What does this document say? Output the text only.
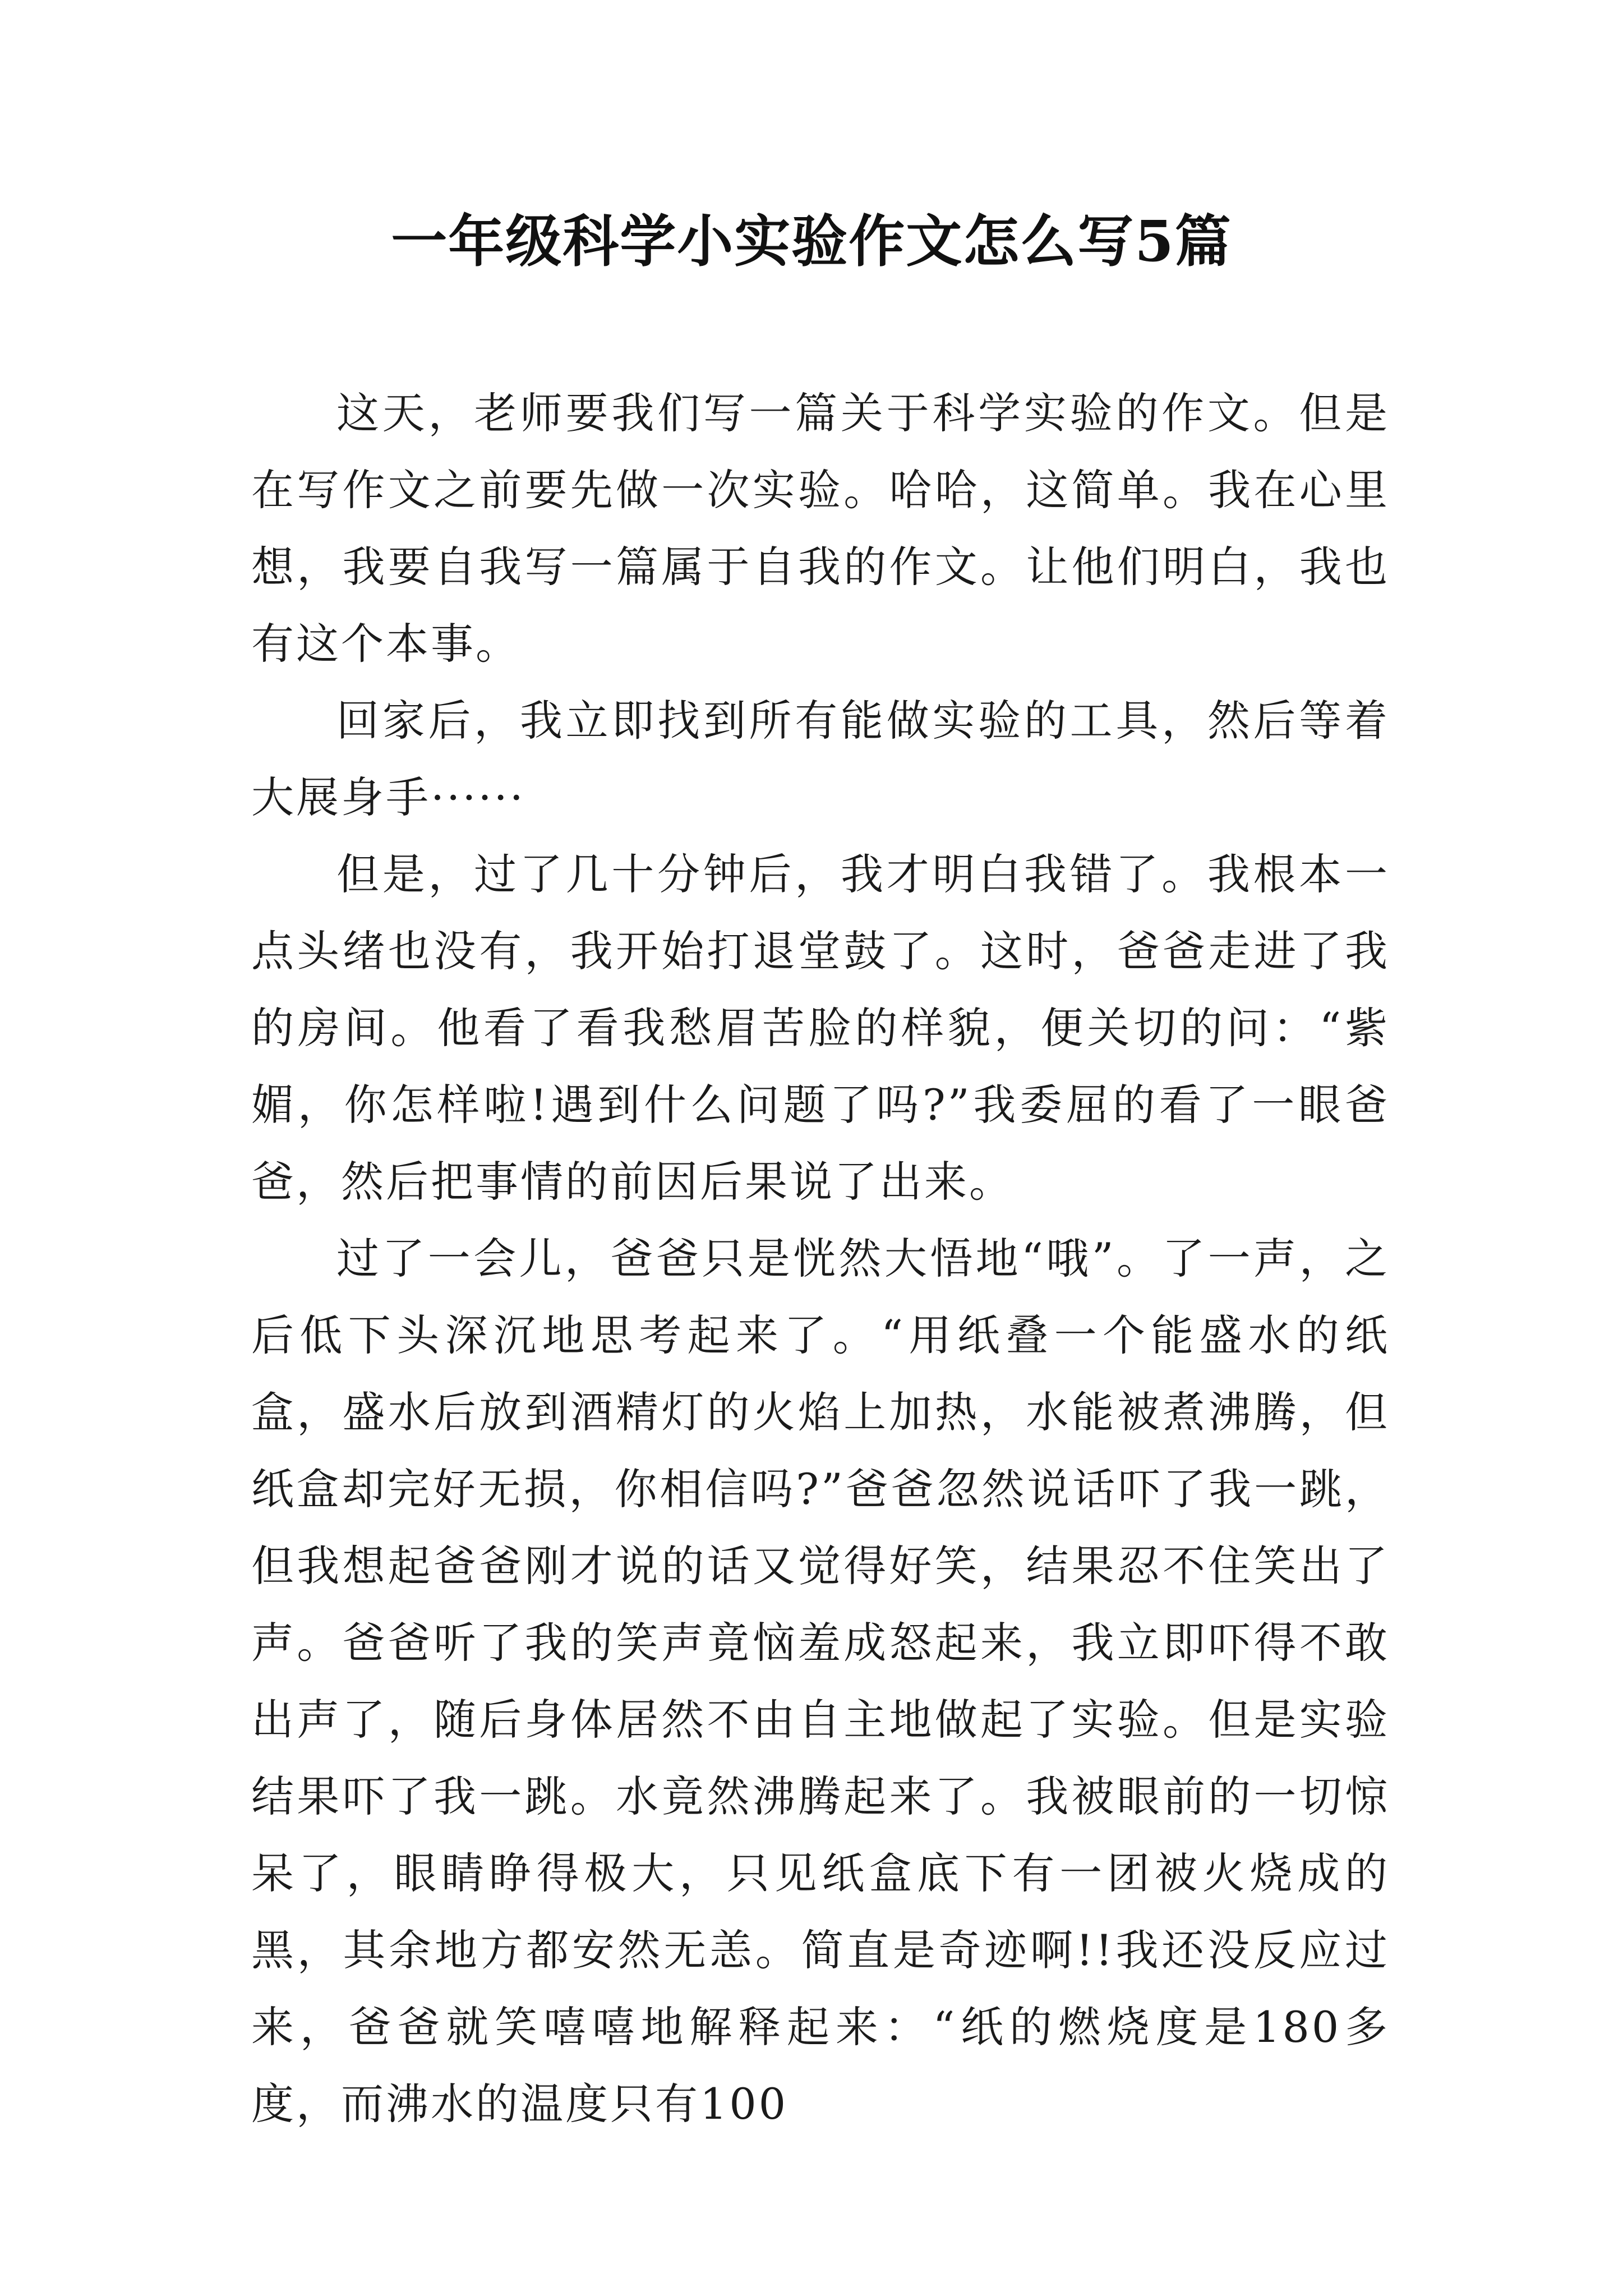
一年级科学小实验作文怎么写5篇

这天，老师要我们写一篇关于科学实验的作文。但是在写作文之前要先做一次实验。哈哈，这简单。我在心里想，我要自我写一篇属于自我的作文。让他们明白，我也有这个本事。

回家后，我立即找到所有能做实验的工具，然后等着大展身手······

但是，过了几十分钟后，我才明白我错了。我根本一点头绪也没有，我开始打退堂鼓了。这时，爸爸走进了我的房间。他看了看我愁眉苦脸的样貌，便关切的问：“紫媚，你怎样啦!遇到什么问题了吗?”我委屈的看了一眼爸爸，然后把事情的前因后果说了出来。

过了一会儿，爸爸只是恍然大悟地“哦”。了一声，之后低下头深沉地思考起来了。“用纸叠一个能盛水的纸盒，盛水后放到酒精灯的火焰上加热，水能被煮沸腾，但纸盒却完好无损，你相信吗?”爸爸忽然说话吓了我一跳，但我想起爸爸刚才说的话又觉得好笑，结果忍不住笑出了声。爸爸听了我的笑声竟恼羞成怒起来，我立即吓得不敢出声了，随后身体居然不由自主地做起了实验。但是实验结果吓了我一跳。水竟然沸腾起来了。我被眼前的一切惊呆了，眼睛睁得极大，只见纸盒底下有一团被火烧成的黑，其余地方都安然无恙。简直是奇迹啊!!我还没反应过来，爸爸就笑嘻嘻地解释起来：“纸的燃烧度是180多度，而沸水的温度只有100
